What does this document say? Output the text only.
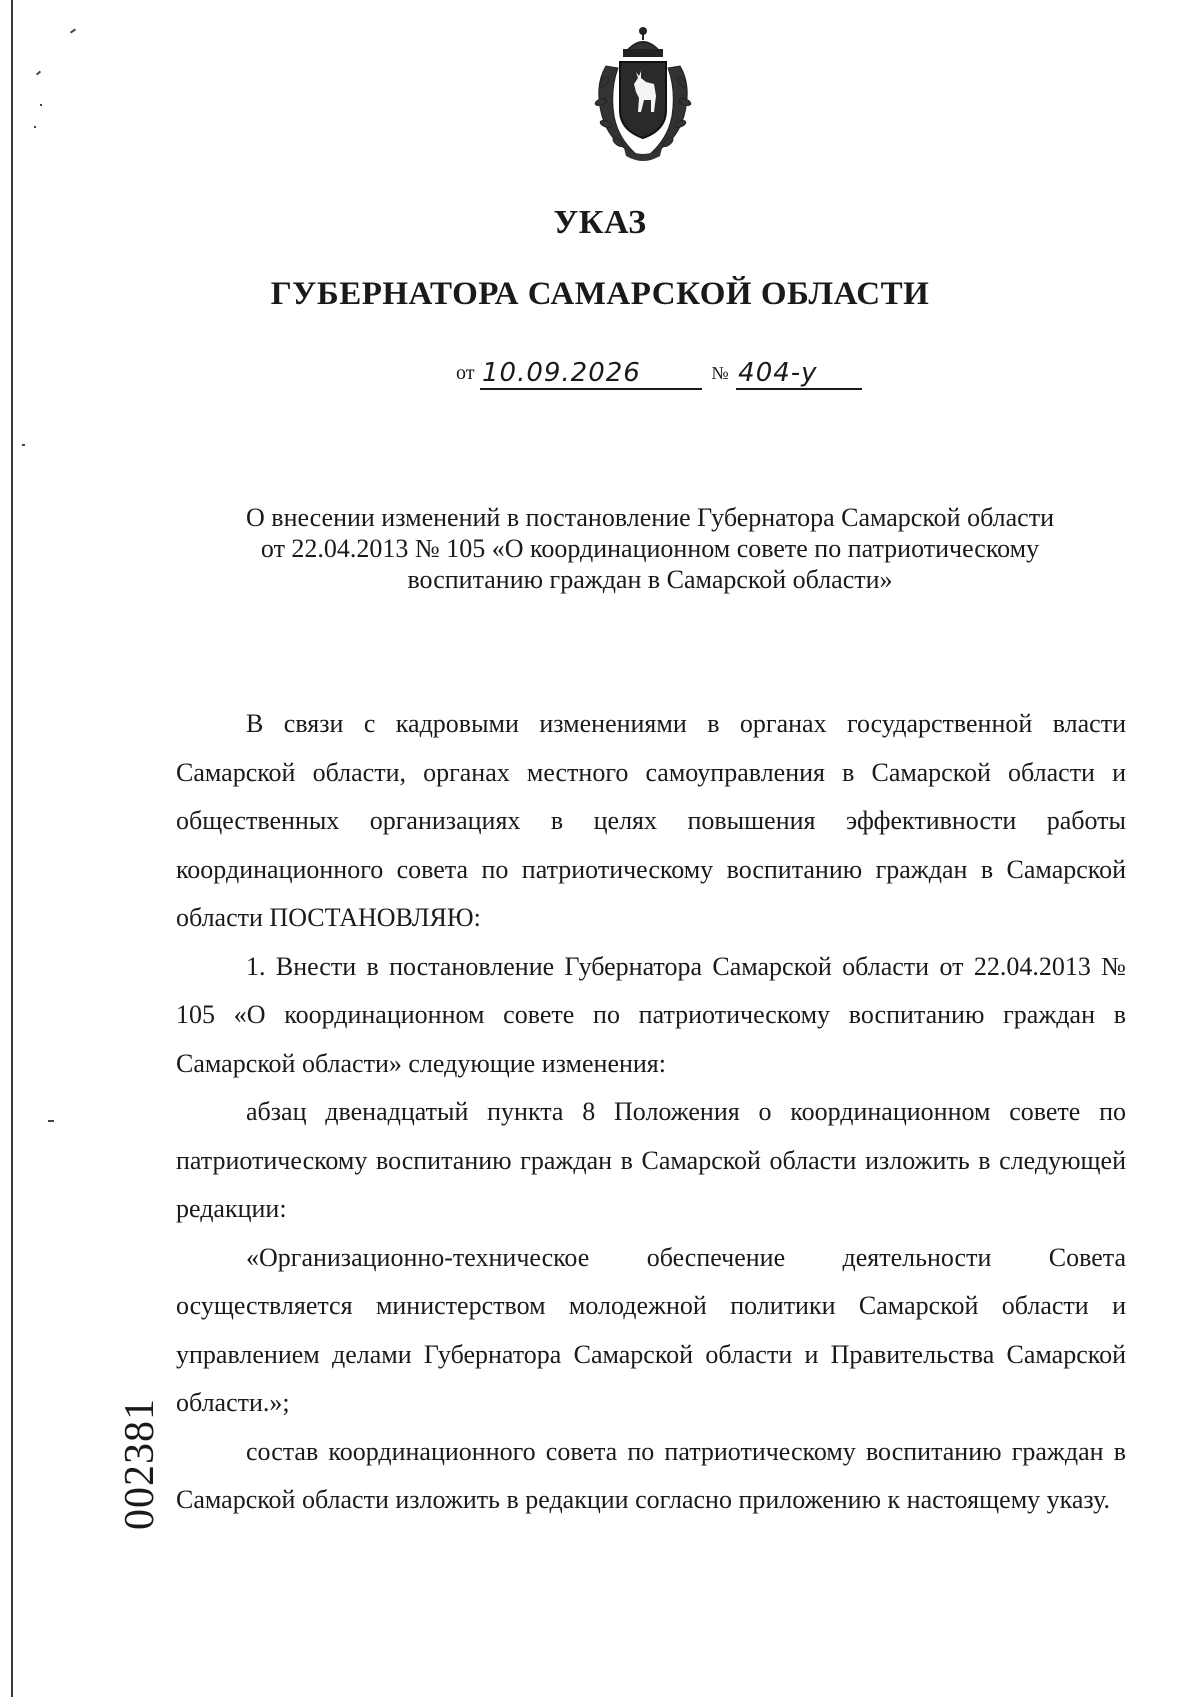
УКАЗ
ГУБЕРНАТОРА САМАРСКОЙ ОБЛАСТИ
от 10.09.2026	№ 404-у
О внесении изменений в постановление Губернатора Самарской области
от 22.04.2013 № 105 «О координационном совете по патриотическому
воспитанию граждан в Самарской области»

В связи с кадровыми изменениями в органах государственной власти Самарской области, органах местного самоуправления в Самарской области и общественных организациях в целях повышения эффективности работы координационного совета по патриотическому воспитанию граждан в Самарской области ПОСТАНОВЛЯЮ:

1. Внести в постановление Губернатора Самарской области от 22.04.2013 № 105 «О координационном совете по патриотическому воспитанию граждан в Самарской области» следующие изменения:

абзац двенадцатый пункта 8 Положения о координационном совете по патриотическому воспитанию граждан в Самарской области изложить в следующей редакции:

«Организационно-техническое обеспечение деятельности Совета осуществляется министерством молодежной политики Самарской области и управлением делами Губернатора Самарской области и Правительства Самарской области.»;

состав координационного совета по патриотическому воспитанию граждан в Самарской области изложить в редакции согласно приложению к настоящему указу.

002381
